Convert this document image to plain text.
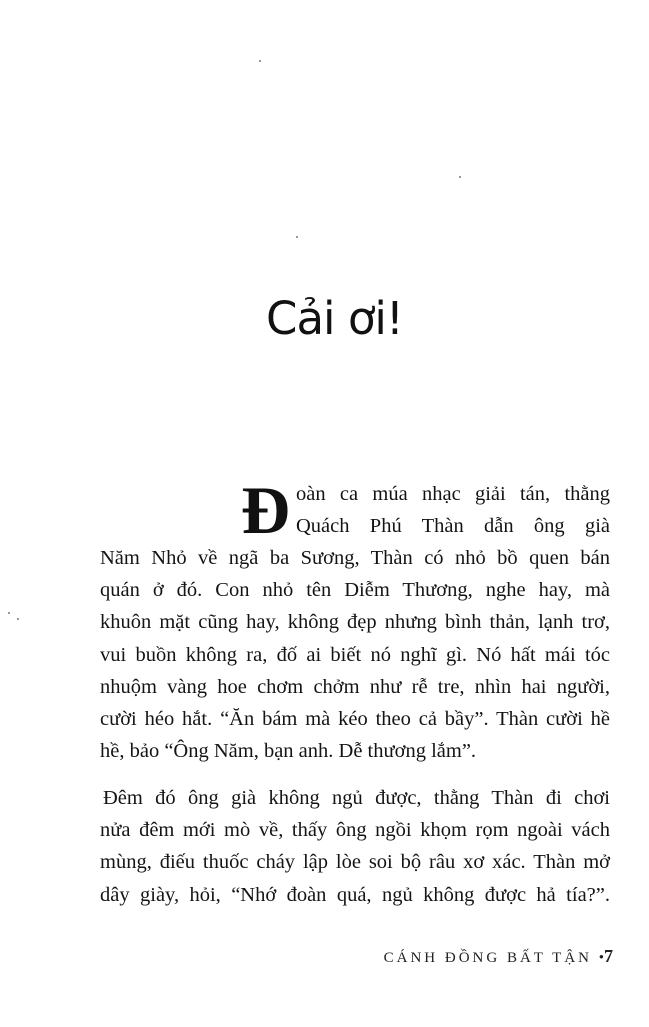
Cải ơi!
Đ oàn ca múa nhạc giải tán, thằng
Quách Phú Thàn dẫn ông già
Năm Nhỏ về ngã ba Sương, Thàn có nhỏ bồ quen bán
quán ở đó. Con nhỏ tên Diễm Thương, nghe hay, mà
khuôn mặt cũng hay, không đẹp nhưng bình thản, lạnh trơ,
vui buồn không ra, đố ai biết nó nghĩ gì. Nó hất mái tóc
nhuộm vàng hoe chơm chởm như rễ tre, nhìn hai người,
cười héo hắt. “Ăn bám mà kéo theo cả bầy”. Thàn cười hề
hề, bảo “Ông Năm, bạn anh. Dễ thương lắm”.
Đêm đó ông già không ngủ được, thằng Thàn đi chơi
nửa đêm mới mò về, thấy ông ngồi khọm rọm ngoài vách
mùng, điếu thuốc cháy lập lòe soi bộ râu xơ xác. Thàn mở
dây giày, hỏi, “Nhớ đoàn quá, ngủ không được hả tía?”.
CÁNH ĐỒNG BẤT TẬN •7
